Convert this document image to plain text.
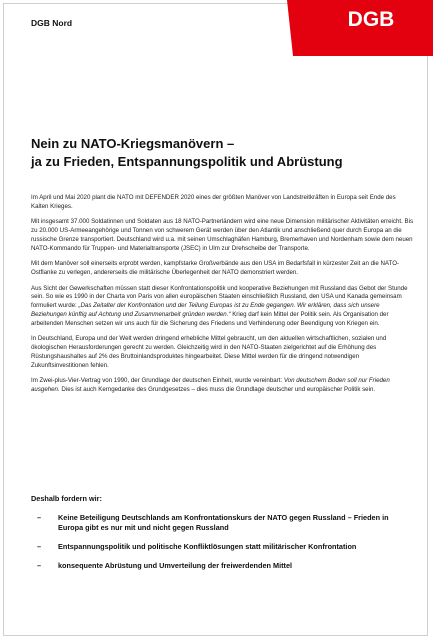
DGB Nord	DGB
Nein zu NATO-Kriegsmanövern –
ja zu Frieden, Entspannungspolitik und Abrüstung

Im April und Mai 2020 plant die NATO mit DEFENDER 2020 eines der größten Manöver von Landstreitkräften in Europa seit Ende des Kalten Krieges.

Mit insgesamt 37.000 Soldatinnen und Soldaten aus 18 NATO-Partnerländern wird eine neue Dimension militärischer Aktivitäten erreicht. Bis zu 20.000 US-Armeeangehörige und Tonnen von schwerem Gerät werden über den Atlantik und anschließend quer durch Europa an die russische Grenze transportiert. Deutschland wird u.a. mit seinen Umschlaghäfen Hamburg, Bremerhaven und Nordenham sowie dem neuen NATO-Kommando für Truppen- und Materialtransporte (JSEC) in Ulm zur Drehscheibe der Transporte.

Mit dem Manöver soll einerseits erprobt werden, kampfstarke Großverbände aus den USA im Bedarfsfall in kürzester Zeit an die NATO-Ostflanke zu verlegen, andererseits die militärische Überlegenheit der NATO demonstriert werden.

Aus Sicht der Gewerkschaften müssen statt dieser Konfrontationspolitik und kooperative Beziehungen mit Russland das Gebot der Stunde sein. So wie es 1990 in der Charta von Paris von allen europäischen Staaten einschließlich Russland, den USA und Kanada gemeinsam formuliert wurde: „Das Zeitalter der Konfrontation und der Teilung Europas ist zu Ende gegangen. Wir erklären, dass sich unsere Beziehungen künftig auf Achtung und Zusammenarbeit gründen werden.“ Krieg darf kein Mittel der Politik sein. Als Organisation der arbeitenden Menschen setzen wir uns auch für die Sicherung des Friedens und Verhinderung oder Beendigung von Kriegen ein.

In Deutschland, Europa und der Welt werden dringend erhebliche Mittel gebraucht, um den aktuellen wirtschaftlichen, sozialen und ökologischen Herausforderungen gerecht zu werden. Gleichzeitig wird in den NATO-Staaten zielgerichtet auf die Erhöhung des Rüstungshaushaltes auf 2% des Bruttoinlandsproduktes hingearbeitet. Diese Mittel werden für die dringend notwendigen Zukunftsinvestitionen fehlen.

Im Zwei-plus-Vier-Vertrag von 1990, der Grundlage der deutschen Einheit, wurde vereinbart: Von deutschem Boden soll nur Frieden ausgehen. Dies ist auch Kerngedanke des Grundgesetzes – dies muss die Grundlage deutscher und europäischer Politik sein.

Deshalb fordern wir:
– Keine Beteiligung Deutschlands am Konfrontationskurs der NATO gegen Russland – Frieden in Europa gibt es nur mit und nicht gegen Russland
– Entspannungspolitik und politische Konfliktlösungen statt militärischer Konfrontation
– konsequente Abrüstung und Umverteilung der freiwerdenden Mittel
